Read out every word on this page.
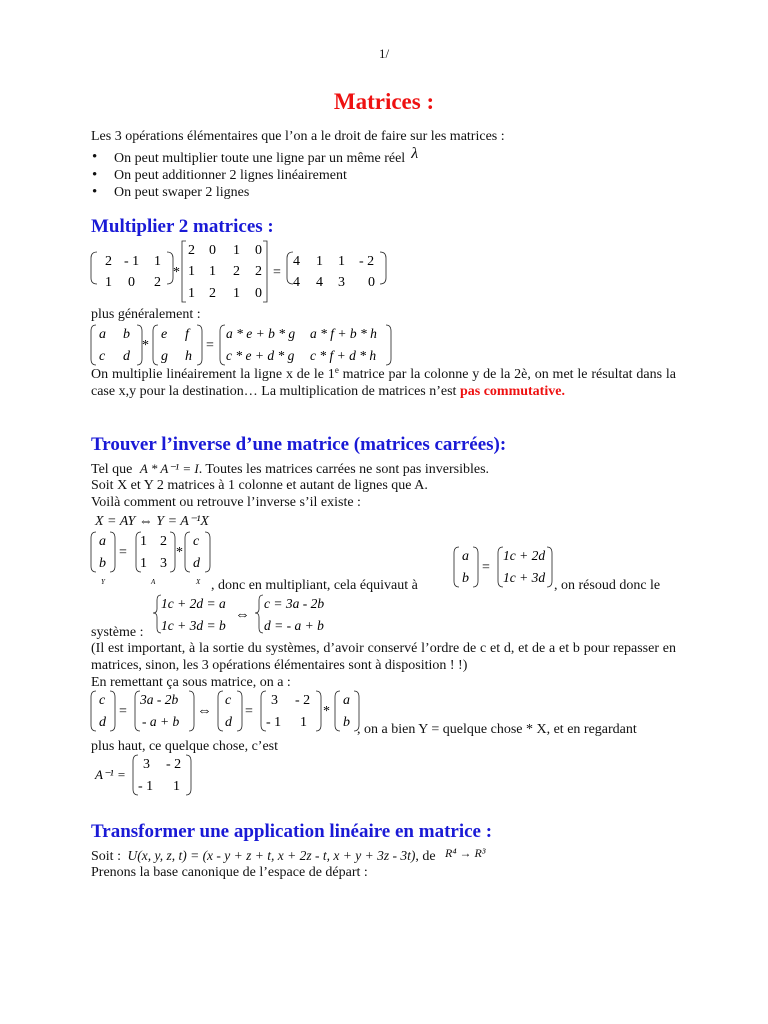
1/
Matrices :
Les 3 opérations élémentaires que l’on a le droit de faire sur les matrices :
• On peut multiplier toute une ligne par un même réel λ
• On peut additionner 2 lignes linéairement
• On peut swaper 2 lignes
Multiplier 2 matrices :
2 - 1 1
1 0 2
*
2 0 1 0
1 1 2 2
1 2 1 0
=
4 1 1 - 2
4 4 3 0
plus généralement :
a b
c d
*
e f
g h
=
a * e + b * g a * f + b * h
c * e + d * g c * f + d * h
On multiplie linéairement la ligne x de le 1e matrice par la colonne y de la 2è, on met le résultat dans la case x,y pour la destination… La multiplication de matrices n’est pas commutative.
Trouver l’inverse d’une matrice (matrices carrées):
Tel que A * A⁻¹ = I. Toutes les matrices carrées ne sont pas inversibles.
Soit X et Y 2 matrices à 1 colonne et autant de lignes que A.
Voilà comment ou retrouve l’inverse s’il existe :
X = AY ⇔ Y = A⁻¹X
a
b
=
1 2
1 3
*
c
d
Y	A	X , donc en multipliant, cela équivaut à
a
b
=
1c + 2d
1c + 3d
, on résoud donc le
1c + 2d = a
1c + 3d = b
⇔
c = 3a - 2b
d = - a + b
système :
(Il est important, à la sortie du systèmes, d’avoir conservé l’ordre de c et d, et de a et b pour repasser en matrices, sinon, les 3 opérations élémentaires sont à disposition ! !)
En remettant ça sous matrice, on a :
c
d
=
3a - 2b
- a + b
⇔
c
d
=
3 - 2
- 1 1
*
a
b , on a bien Y = quelque chose * X, et en regardant
plus haut, ce quelque chose, c’est
A⁻¹ =
3 - 2
- 1 1
Transformer une application linéaire en matrice :
Soit : U(x, y, z, t) = (x - y + z + t, x + 2z - t, x + y + 3z - 3t), de R⁴ → R³
Prenons la base canonique de l’espace de départ :
